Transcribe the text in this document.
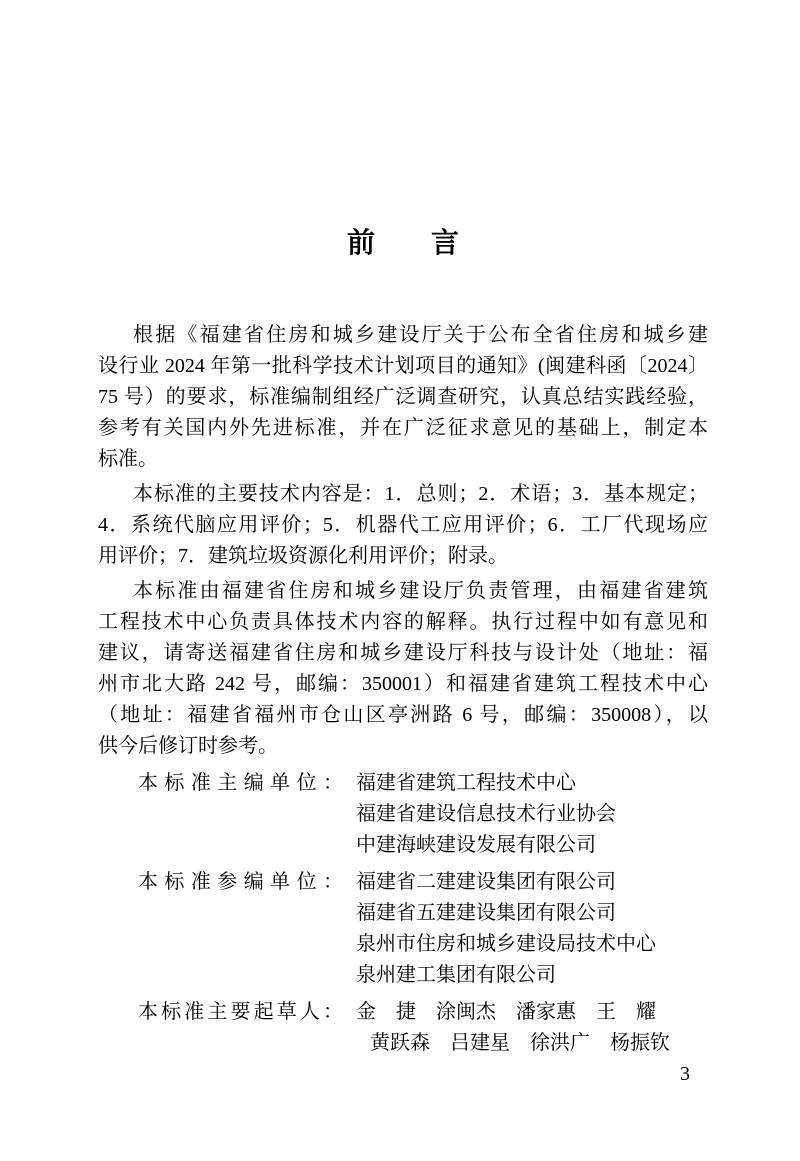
前　　言
根据《福建省住房和城乡建设厅关于公布全省住房和城乡建
设行业 2024 年第一批科学技术计划项目的通知》(闽建科函〔2024〕
75 号）的要求，标准编制组经广泛调查研究，认真总结实践经验，
参考有关国内外先进标准，并在广泛征求意见的基础上，制定本
标准。
本标准的主要技术内容是：1．总则；2．术语；3．基本规定；
4．系统代脑应用评价；5．机器代工应用评价；6．工厂代现场应
用评价；7．建筑垃圾资源化利用评价；附录。
本标准由福建省住房和城乡建设厅负责管理，由福建省建筑
工程技术中心负责具体技术内容的解释。执行过程中如有意见和
建议，请寄送福建省住房和城乡建设厅科技与设计处（地址：福
州市北大路 242 号，邮编：350001）和福建省建筑工程技术中心
（地址：福建省福州市仓山区亭洲路 6 号，邮编：350008），以
供今后修订时参考。
本标准主编单位： 福建省建筑工程技术中心
福建省建设信息技术行业协会
中建海峡建设发展有限公司
本标准参编单位： 福建省二建建设集团有限公司
福建省五建建设集团有限公司
泉州市住房和城乡建设局技术中心
泉州建工集团有限公司
本标准主要起草人： 金　捷　涂闽杰　潘家惠　王　耀
黄跃森　吕建星　徐洪广　杨振钦
3
